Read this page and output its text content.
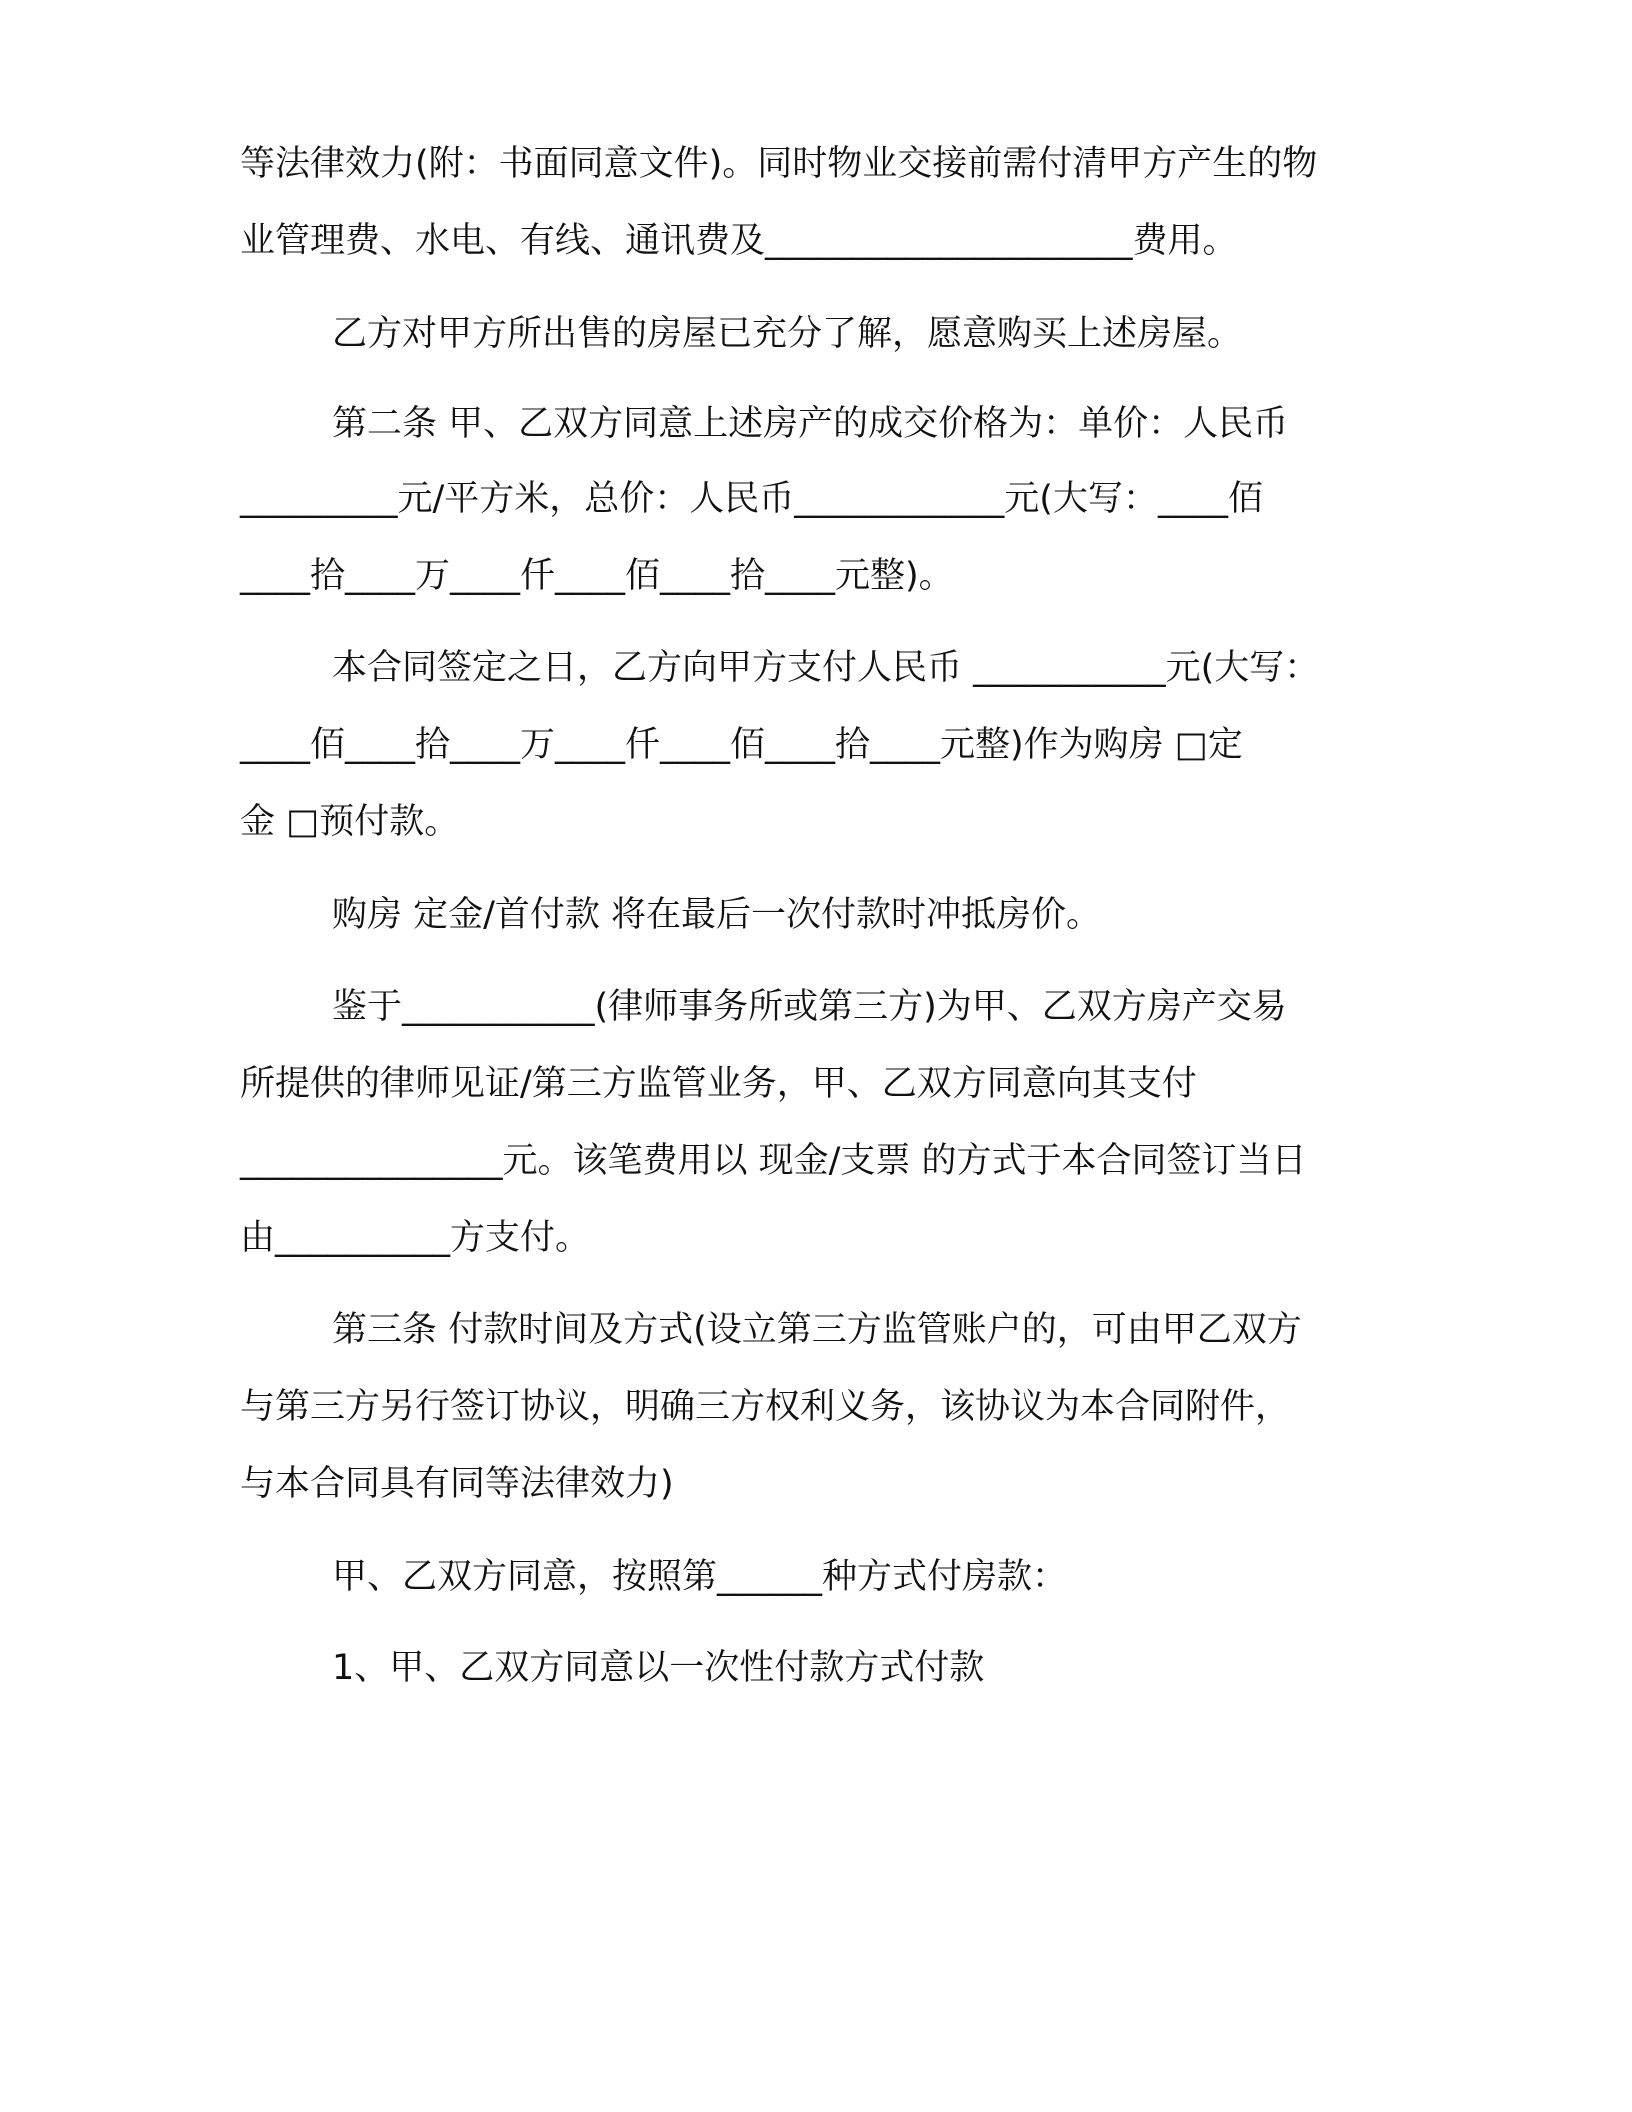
等法律效力(附：书面同意文件)。同时物业交接前需付清甲方产生的物
业管理费、水电、有线、通讯费及_____________________费用。
乙方对甲方所出售的房屋已充分了解，愿意购买上述房屋。
第二条 甲、乙双方同意上述房产的成交价格为：单价：人民币
_________元/平方米，总价：人民币____________元(大写：____佰
____拾____万____仟____佰____拾____元整)。
本合同签定之日，乙方向甲方支付人民币 ___________元(大写：
____佰____拾____万____仟____佰____拾____元整)作为购房 □定
金 □预付款。
购房 定金/首付款 将在最后一次付款时冲抵房价。
鉴于___________(律师事务所或第三方)为甲、乙双方房产交易
所提供的律师见证/第三方监管业务，甲、乙双方同意向其支付
_______________元。该笔费用以 现金/支票 的方式于本合同签订当日
由__________方支付。
第三条 付款时间及方式(设立第三方监管账户的，可由甲乙双方
与第三方另行签订协议，明确三方权利义务，该协议为本合同附件，
与本合同具有同等法律效力)
甲、乙双方同意，按照第______种方式付房款：
1、甲、乙双方同意以一次性付款方式付款
